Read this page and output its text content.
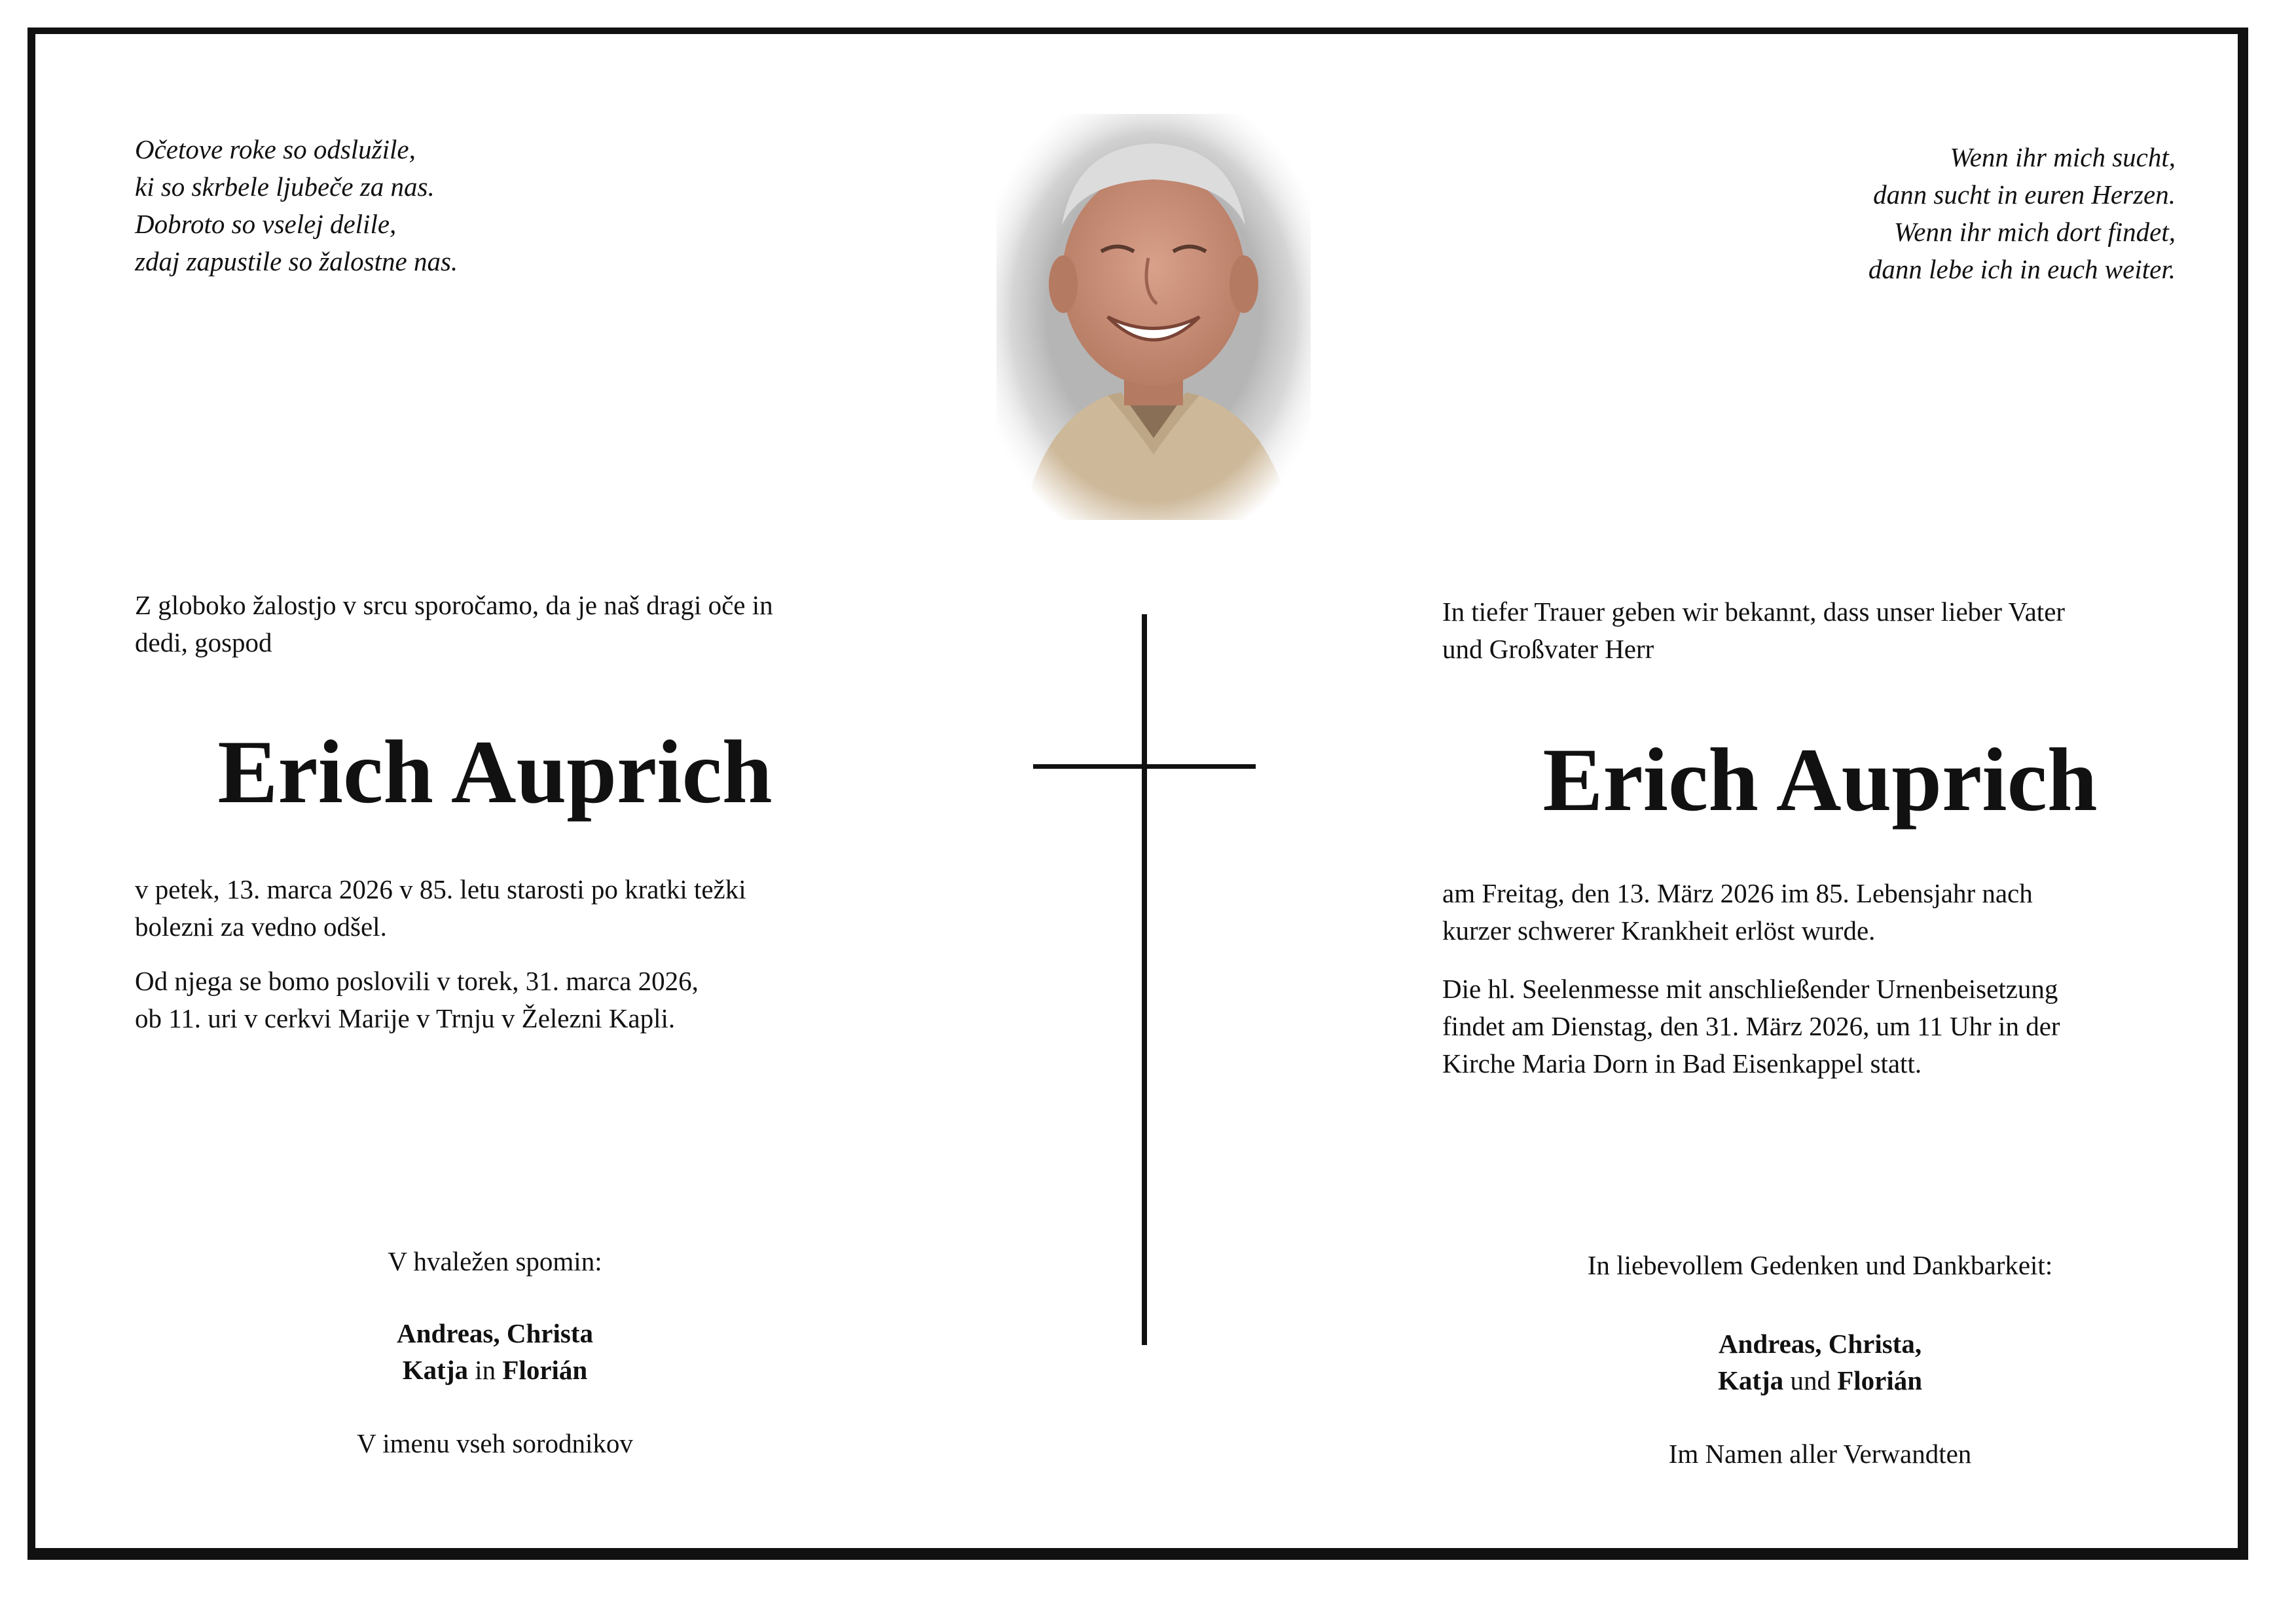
Očetove roke so odslužile,
ki so skrbele ljubeče za nas.
Dobroto so vselej delile,
zdaj zapustile so žalostne nas.
Wenn ihr mich sucht,
dann sucht in euren Herzen.
Wenn ihr mich dort findet,
dann lebe ich in euch weiter.
Z globoko žalostjo v srcu sporočamo, da je naš dragi oče in
dedi, gospod
Erich Auprich
v petek, 13. marca 2026 v 85. letu starosti po kratki težki
bolezni za vedno odšel.
Od njega se bomo poslovili v torek, 31. marca 2026,
ob 11. uri v cerkvi Marije v Trnju v Železni Kapli.
In tiefer Trauer geben wir bekannt, dass unser lieber Vater
und Großvater Herr
Erich Auprich
am Freitag, den 13. März 2026 im 85. Lebensjahr nach
kurzer schwerer Krankheit erlöst wurde.
Die hl. Seelenmesse mit anschließender Urnenbeisetzung
findet am Dienstag, den 31. März 2026, um 11 Uhr in der
Kirche Maria Dorn in Bad Eisenkappel statt.
V hvaležen spomin:
Andreas, Christa
Katja in Florián
V imenu vseh sorodnikov
In liebevollem Gedenken und Dankbarkeit:
Andreas, Christa,
Katja und Florián
Im Namen aller Verwandten
